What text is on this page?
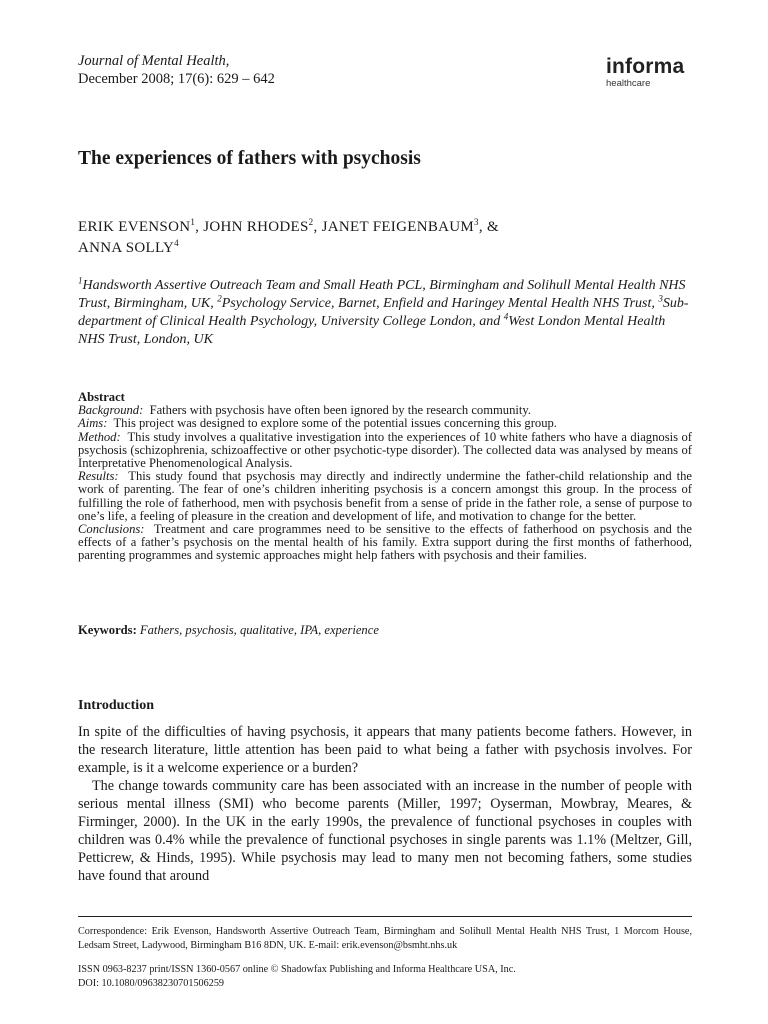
Journal of Mental Health,
December 2008; 17(6): 629 – 642
informa
healthcare
The experiences of fathers with psychosis
ERIK EVENSON$^1$, JOHN RHODES$^2$, JANET FEIGENBAUM$^3$, &
ANNA SOLLY$^4$
$^1$Handsworth Assertive Outreach Team and Small Heath PCL, Birmingham and Solihull Mental Health NHS Trust, Birmingham, UK, $^2$Psychology Service, Barnet, Enfield and Haringey Mental Health NHS Trust, $^3$Sub-department of Clinical Health Psychology, University College London, and $^4$West London Mental Health NHS Trust, London, UK
Abstract

Background: Fathers with psychosis have often been ignored by the research community.

Aims: This project was designed to explore some of the potential issues concerning this group.

Method: This study involves a qualitative investigation into the experiences of 10 white fathers who have a diagnosis of psychosis (schizophrenia, schizoaffective or other psychotic-type disorder). The collected data was analysed by means of Interpretative Phenomenological Analysis.

Results: This study found that psychosis may directly and indirectly undermine the father-child relationship and the work of parenting. The fear of one’s children inheriting psychosis is a concern amongst this group. In the process of fulfilling the role of fatherhood, men with psychosis benefit from a sense of pride in the father role, a sense of purpose to one’s life, a feeling of pleasure in the creation and development of life, and motivation to change for the better.

Conclusions: Treatment and care programmes need to be sensitive to the effects of fatherhood on psychosis and the effects of a father’s psychosis on the mental health of his family. Extra support during the first months of fatherhood, parenting programmes and systemic approaches might help fathers with psychosis and their families.

Keywords: Fathers, psychosis, qualitative, IPA, experience
Introduction

In spite of the difficulties of having psychosis, it appears that many patients become fathers. However, in the research literature, little attention has been paid to what being a father with psychosis involves. For example, is it a welcome experience or a burden?

The change towards community care has been associated with an increase in the number of people with serious mental illness (SMI) who become parents (Miller, 1997; Oyserman, Mowbray, Meares, & Firminger, 2000). In the UK in the early 1990s, the prevalence of functional psychoses in couples with children was 0.4% while the prevalence of functional psychoses in single parents was 1.1% (Meltzer, Gill, Petticrew, & Hinds, 1995). While psychosis may lead to many men not becoming fathers, some studies have found that around

Correspondence: Erik Evenson, Handsworth Assertive Outreach Team, Birmingham and Solihull Mental Health NHS Trust, 1 Morcom House, Ledsam Street, Ladywood, Birmingham B16 8DN, UK. E-mail: erik.evenson@bsmht.nhs.uk
ISSN 0963-8237 print/ISSN 1360-0567 online © Shadowfax Publishing and Informa Healthcare USA, Inc.
DOI: 10.1080/09638230701506259
